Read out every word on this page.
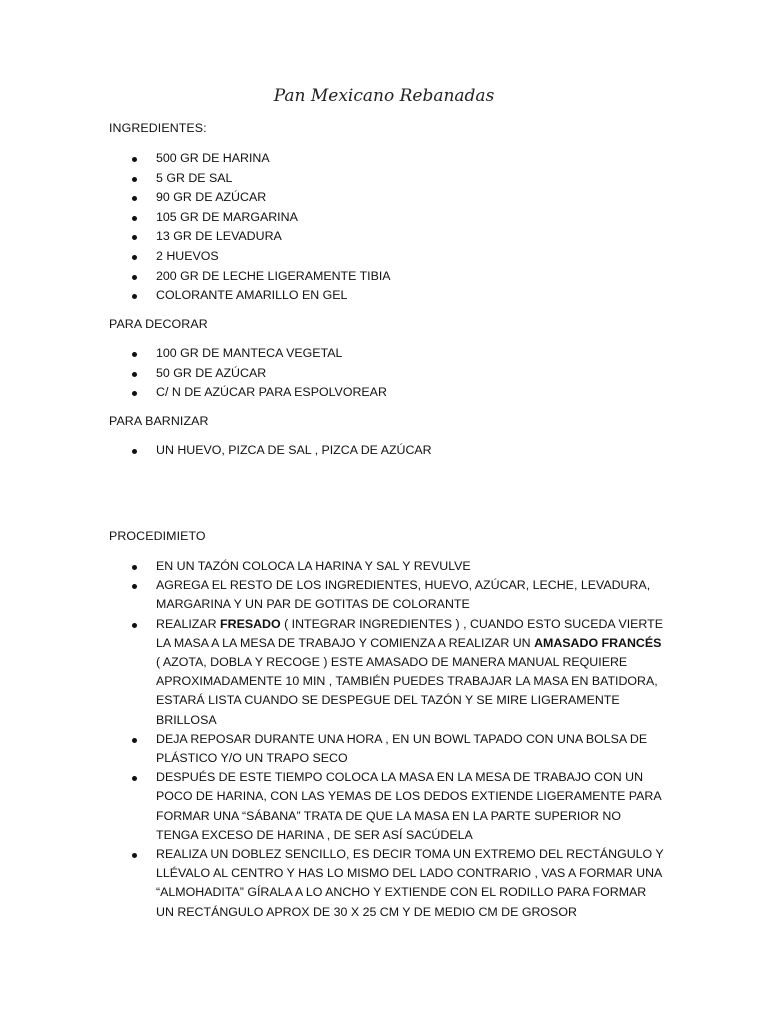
Pan Mexicano Rebanadas
INGREDIENTES:
500 GR DE HARINA
5 GR DE SAL
90 GR DE AZÚCAR
105 GR DE MARGARINA
13 GR DE LEVADURA
2 HUEVOS
200 GR DE LECHE LIGERAMENTE TIBIA
COLORANTE AMARILLO EN GEL
PARA DECORAR
100 GR DE MANTECA VEGETAL
50 GR DE AZÚCAR
C/ N DE AZÚCAR PARA ESPOLVOREAR
PARA BARNIZAR
UN HUEVO, PIZCA DE SAL , PIZCA DE AZÚCAR
PROCEDIMIETO
EN UN TAZÓN COLOCA LA HARINA Y SAL Y REVULVE
AGREGA EL RESTO DE LOS INGREDIENTES, HUEVO, AZÚCAR, LECHE, LEVADURA, MARGARINA Y UN PAR DE GOTITAS DE COLORANTE
REALIZAR FRESADO ( INTEGRAR INGREDIENTES ) , CUANDO ESTO SUCEDA VIERTE LA MASA A LA MESA DE TRABAJO Y COMIENZA A REALIZAR UN AMASADO FRANCÉS ( AZOTA, DOBLA Y RECOGE ) ESTE AMASADO DE MANERA MANUAL REQUIERE APROXIMADAMENTE 10 MIN , TAMBIÉN PUEDES TRABAJAR LA MASA EN BATIDORA, ESTARÁ LISTA CUANDO SE DESPEGUE DEL TAZÓN Y SE MIRE LIGERAMENTE BRILLOSA
DEJA REPOSAR DURANTE UNA HORA , EN UN BOWL TAPADO CON UNA BOLSA DE PLÁSTICO Y/O UN TRAPO SECO
DESPUÉS DE ESTE TIEMPO COLOCA LA MASA EN LA MESA DE TRABAJO CON UN POCO DE HARINA, CON LAS YEMAS DE LOS DEDOS EXTIENDE LIGERAMENTE PARA FORMAR UNA “SÁBANA” TRATA DE QUE LA MASA EN LA PARTE SUPERIOR NO TENGA EXCESO DE HARINA , DE SER ASÍ SACÚDELA
REALIZA UN DOBLEZ SENCILLO, ES DECIR TOMA UN EXTREMO DEL RECTÁNGULO Y LLÉVALO AL CENTRO Y HAS LO MISMO DEL LADO CONTRARIO , VAS A FORMAR UNA “ALMOHADITA” GÍRALA A LO ANCHO Y EXTIENDE CON EL RODILLO PARA FORMAR UN RECTÁNGULO APROX DE 30 X 25 CM Y DE MEDIO CM DE GROSOR
